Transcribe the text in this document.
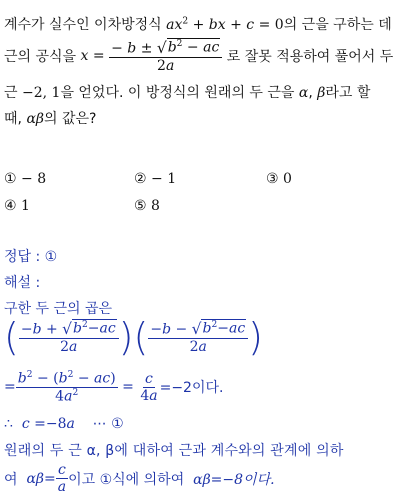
계수가 실수인 이차방정식 $ax^2$ + bx + c = 0의 근을 구하는 데
근의 공식을
$x = \frac{- b \pm √ b^2 - ac}{2a}$
로 잘못 적용하여 풀어서 두
근 −2, 1을 얻었다. 이 방정식의 원래의 두 근을 α, β라고 할
때, αβ의 값은?
① − 8	② − 1	③ 0
④ 1	⑤ 8
정답 : ①
해설 :
구한 두 근의 곱은
( $\frac{-b + √ b^2-ac}{2a}$ ) ( $\frac{-b - √ b^2-ac}{2a}$ )
= $\frac{b^2 - (b^2 - ac)}{4a^2} = \frac{c}{4a} =-2$이다.
∴  c =−8a ⋯ ①
원래의 두 근 α, β에 대하여 근과 계수와의 관계에 의하
여
$\alpha\beta = \frac{c}{a}$ 이고 ①식에 의하여
αβ=−8이다.
